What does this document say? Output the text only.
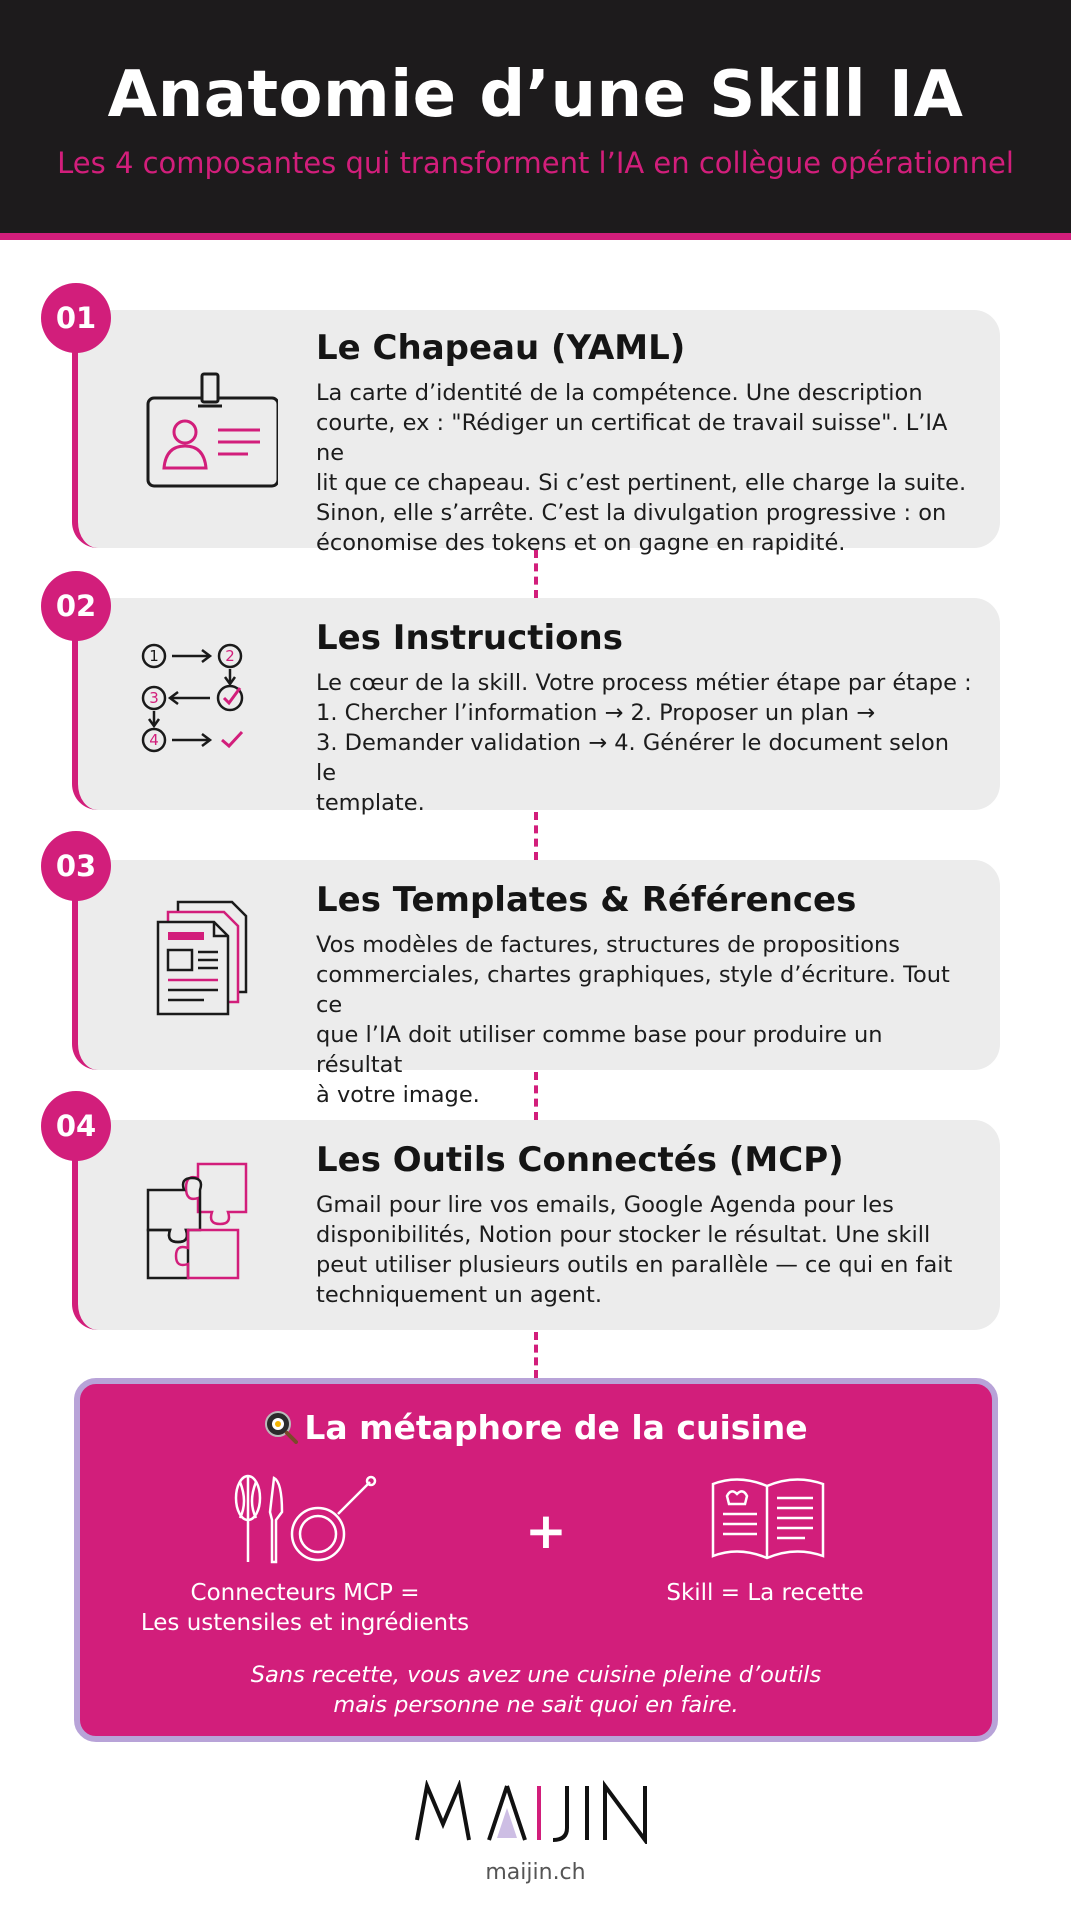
Anatomie d’une Skill IA
Les 4 composantes qui transforment l’IA en collègue opérationnel
Le Chapeau (YAML)

La carte d’identité de la compétence. Une description
courte, ex : "Rédiger un certificat de travail suisse". L’IA ne
lit que ce chapeau. Si c’est pertinent, elle charge la suite.
Sinon, elle s’arrête. C’est la divulgation progressive : on
économise des tokens et on gagne en rapidité.

01
1	2
3
4
Les Instructions

Le cœur de la skill. Votre process métier étape par étape :
1. Chercher l’information → 2. Proposer un plan →
3. Demander validation → 4. Générer le document selon le
template.

02
Les Templates & Références

Vos modèles de factures, structures de propositions
commerciales, chartes graphiques, style d’écriture. Tout ce
que l’IA doit utiliser comme base pour produire un résultat
à votre image.

03
Les Outils Connectés (MCP)

Gmail pour lire vos emails, Google Agenda pour les
disponibilités, Notion pour stocker le résultat. Une skill
peut utiliser plusieurs outils en parallèle — ce qui en fait
techniquement un agent.

04
La métaphore de la cuisine
+
Connecteurs MCP =
Les ustensiles et ingrédients
Skill = La recette
Sans recette, vous avez une cuisine pleine d’outils
mais personne ne sait quoi en faire.
maijin.ch
